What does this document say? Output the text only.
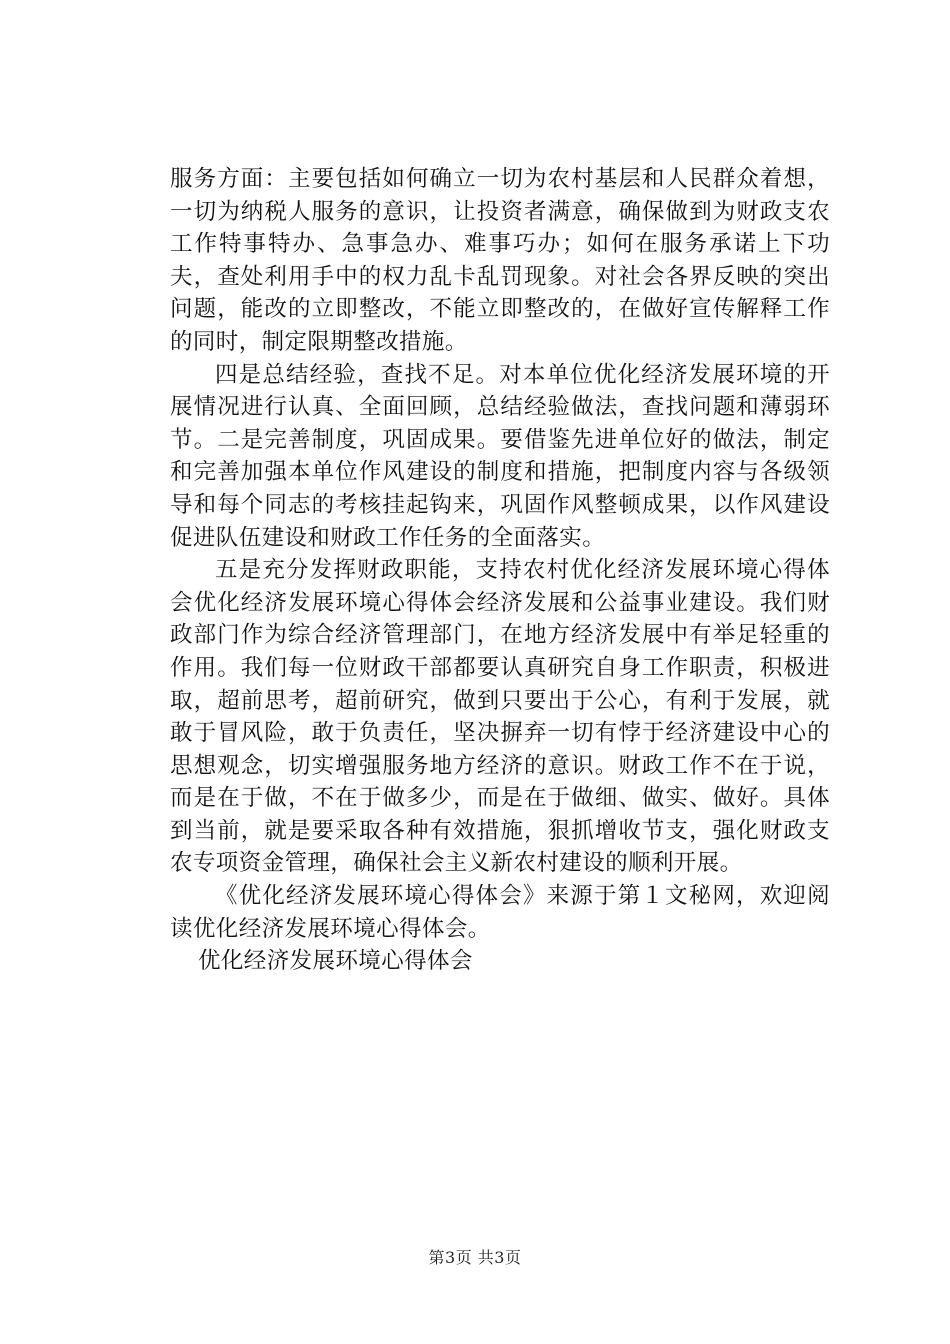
服务方面：主要包括如何确立一切为农村基层和人民群众着想，一切为纳税人服务的意识，让投资者满意，确保做到为财政支农工作特事特办、急事急办、难事巧办；如何在服务承诺上下功夫，查处利用手中的权力乱卡乱罚现象。对社会各界反映的突出问题，能改的立即整改，不能立即整改的，在做好宣传解释工作的同时，制定限期整改措施。

四是总结经验，查找不足。对本单位优化经济发展环境的开展情况进行认真、全面回顾，总结经验做法，查找问题和薄弱环节。二是完善制度，巩固成果。要借鉴先进单位好的做法，制定和完善加强本单位作风建设的制度和措施，把制度内容与各级领导和每个同志的考核挂起钩来，巩固作风整顿成果，以作风建设促进队伍建设和财政工作任务的全面落实。

五是充分发挥财政职能，支持农村优化经济发展环境心得体会优化经济发展环境心得体会经济发展和公益事业建设。我们财政部门作为综合经济管理部门，在地方经济发展中有举足轻重的作用。我们每一位财政干部都要认真研究自身工作职责，积极进取，超前思考，超前研究，做到只要出于公心，有利于发展，就敢于冒风险，敢于负责任，坚决摒弃一切有悖于经济建设中心的思想观念，切实增强服务地方经济的意识。财政工作不在于说，而是在于做，不在于做多少，而是在于做细、做实、做好。具体到当前，就是要采取各种有效措施，狠抓增收节支，强化财政支农专项资金管理，确保社会主义新农村建设的顺利开展。

《优化经济发展环境心得体会》来源于第１文秘网，欢迎阅读优化经济发展环境心得体会。

优化经济发展环境心得体会

第3页 共3页
